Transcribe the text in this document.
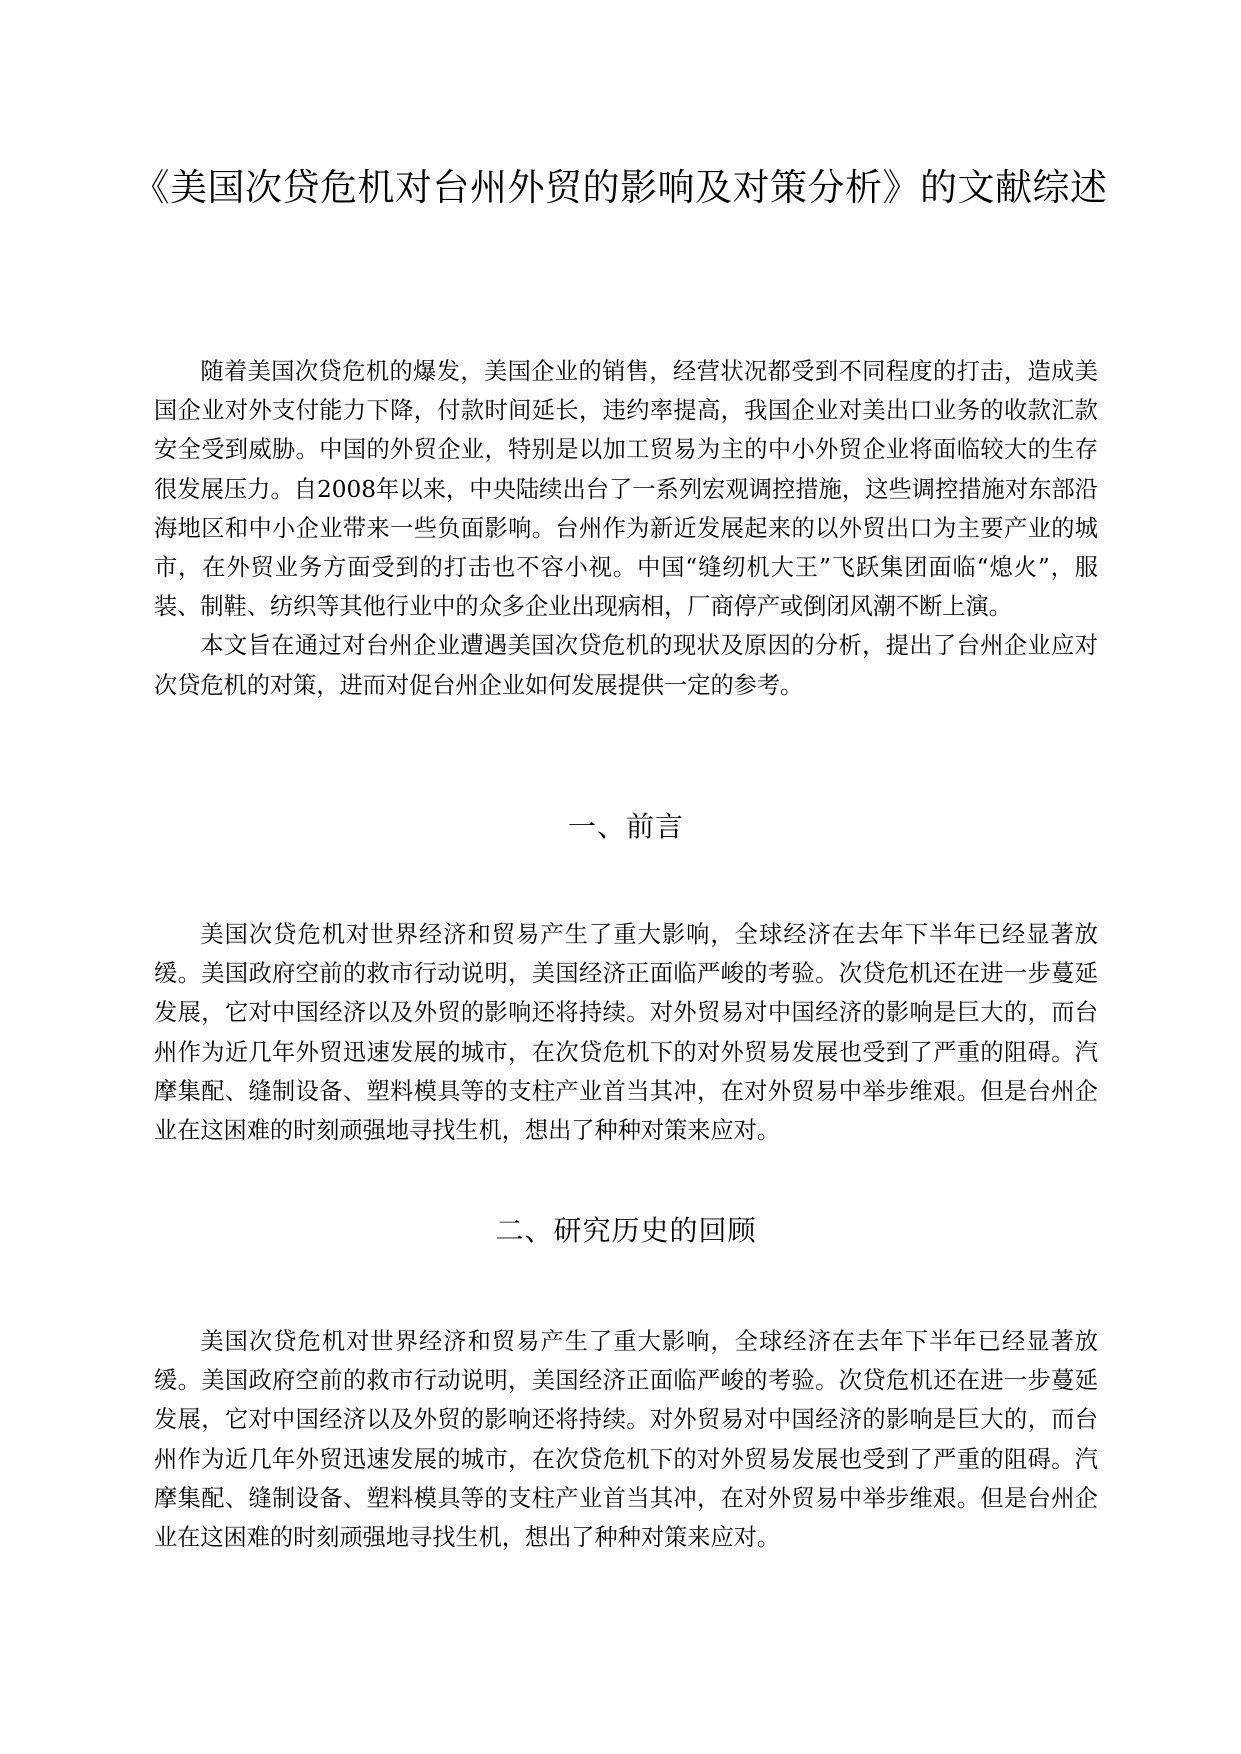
《美国次贷危机对台州外贸的影响及对策分析》的文献综述

随着美国次贷危机的爆发，美国企业的销售，经营状况都受到不同程度的打击，造成美国企业对外支付能力下降，付款时间延长，违约率提高，我国企业对美出口业务的收款汇款安全受到威胁。中国的外贸企业，特别是以加工贸易为主的中小外贸企业将面临较大的生存很发展压力。自2008年以来，中央陆续出台了一系列宏观调控措施，这些调控措施对东部沿海地区和中小企业带来一些负面影响。台州作为新近发展起来的以外贸出口为主要产业的城市，在外贸业务方面受到的打击也不容小视。中国“缝纫机大王”飞跃集团面临“熄火”，服装、制鞋、纺织等其他行业中的众多企业出现病相，厂商停产或倒闭风潮不断上演。

本文旨在通过对台州企业遭遇美国次贷危机的现状及原因的分析，提出了台州企业应对次贷危机的对策，进而对促台州企业如何发展提供一定的参考。

一、前言

美国次贷危机对世界经济和贸易产生了重大影响，全球经济在去年下半年已经显著放缓。美国政府空前的救市行动说明，美国经济正面临严峻的考验。次贷危机还在进一步蔓延发展，它对中国经济以及外贸的影响还将持续。对外贸易对中国经济的影响是巨大的，而台州作为近几年外贸迅速发展的城市，在次贷危机下的对外贸易发展也受到了严重的阻碍。汽摩集配、缝制设备、塑料模具等的支柱产业首当其冲，在对外贸易中举步维艰。但是台州企业在这困难的时刻顽强地寻找生机，想出了种种对策来应对。

二、研究历史的回顾

美国次贷危机对世界经济和贸易产生了重大影响，全球经济在去年下半年已经显著放缓。美国政府空前的救市行动说明，美国经济正面临严峻的考验。次贷危机还在进一步蔓延发展，它对中国经济以及外贸的影响还将持续。对外贸易对中国经济的影响是巨大的，而台州作为近几年外贸迅速发展的城市，在次贷危机下的对外贸易发展也受到了严重的阻碍。汽摩集配、缝制设备、塑料模具等的支柱产业首当其冲，在对外贸易中举步维艰。但是台州企业在这困难的时刻顽强地寻找生机，想出了种种对策来应对。
